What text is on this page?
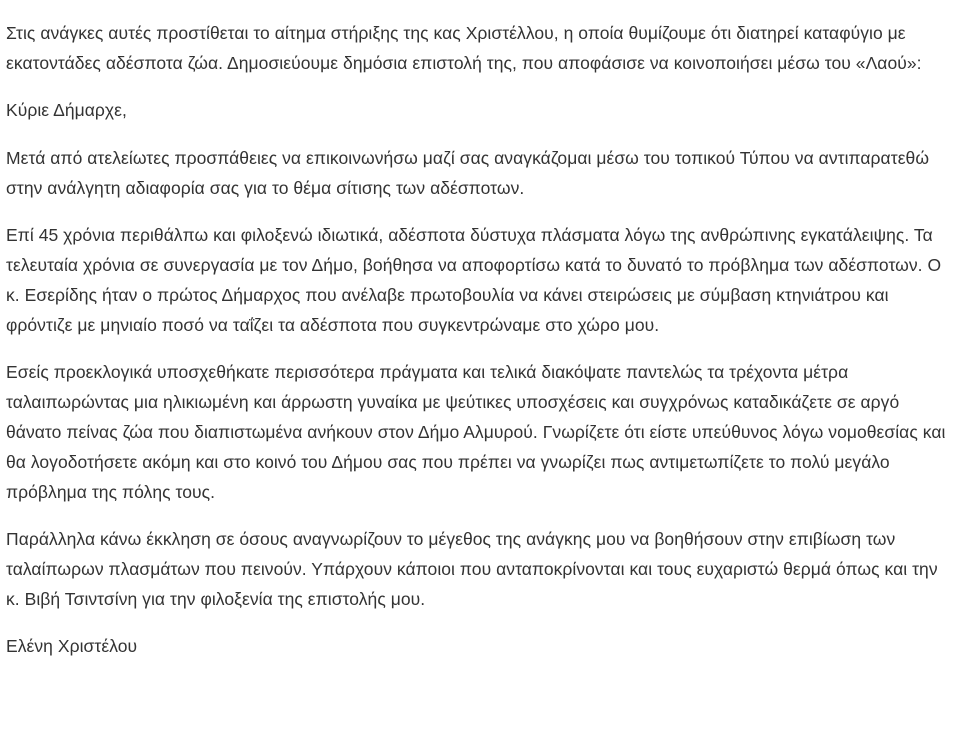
Στις ανάγκες αυτές προστίθεται το αίτημα στήριξης της κας Χριστέλλου, η οποία θυμίζουμε ότι διατηρεί καταφύγιο με εκατοντάδες αδέσποτα ζώα. Δημοσιεύουμε δημόσια επιστολή της, που αποφάσισε να κοινοποιήσει μέσω του «Λαού»:

Κύριε Δήμαρχε,

Μετά από ατελείωτες προσπάθειες να επικοινωνήσω μαζί σας αναγκάζομαι μέσω του τοπικού Τύπου να αντιπαρατεθώ στην ανάλγητη αδιαφορία σας για το θέμα σίτισης των αδέσποτων.

Επί 45 χρόνια περιθάλπω και φιλοξενώ ιδιωτικά, αδέσποτα δύστυχα πλάσματα λόγω της ανθρώπινης εγκατάλειψης. Τα τελευταία χρόνια σε συνεργασία με τον Δήμο, βοήθησα να αποφορτίσω κατά το δυνατό το πρόβλημα των αδέσποτων. Ο κ. Εσερίδης ήταν ο πρώτος Δήμαρχος που ανέλαβε πρωτοβουλία να κάνει στειρώσεις με σύμβαση κτηνιάτρου και φρόντιζε με μηνιαίο ποσό να ταΐζει τα αδέσποτα που συγκεντρώναμε στο χώρο μου.

Εσείς προεκλογικά υποσχεθήκατε περισσότερα πράγματα και τελικά διακόψατε παντελώς τα τρέχοντα μέτρα ταλαιπωρώντας μια ηλικιωμένη και άρρωστη γυναίκα με ψεύτικες υποσχέσεις και συγχρόνως καταδικάζετε σε αργό θάνατο πείνας ζώα που διαπιστωμένα ανήκουν στον Δήμο Αλμυρού. Γνωρίζετε ότι είστε υπεύθυνος λόγω νομοθεσίας και θα λογοδοτήσετε ακόμη και στο κοινό του Δήμου σας που πρέπει να γνωρίζει πως αντιμετωπίζετε το πολύ μεγάλο πρόβλημα της πόλης τους.

Παράλληλα κάνω έκκληση σε όσους αναγνωρίζουν το μέγεθος της ανάγκης μου να βοηθήσουν στην επιβίωση των ταλαίπωρων πλασμάτων που πεινούν. Υπάρχουν κάποιοι που ανταποκρίνονται και τους ευχαριστώ θερμά όπως και την κ. Βιβή Τσιντσίνη για την φιλοξενία της επιστολής μου.

Ελένη Χριστέλου
